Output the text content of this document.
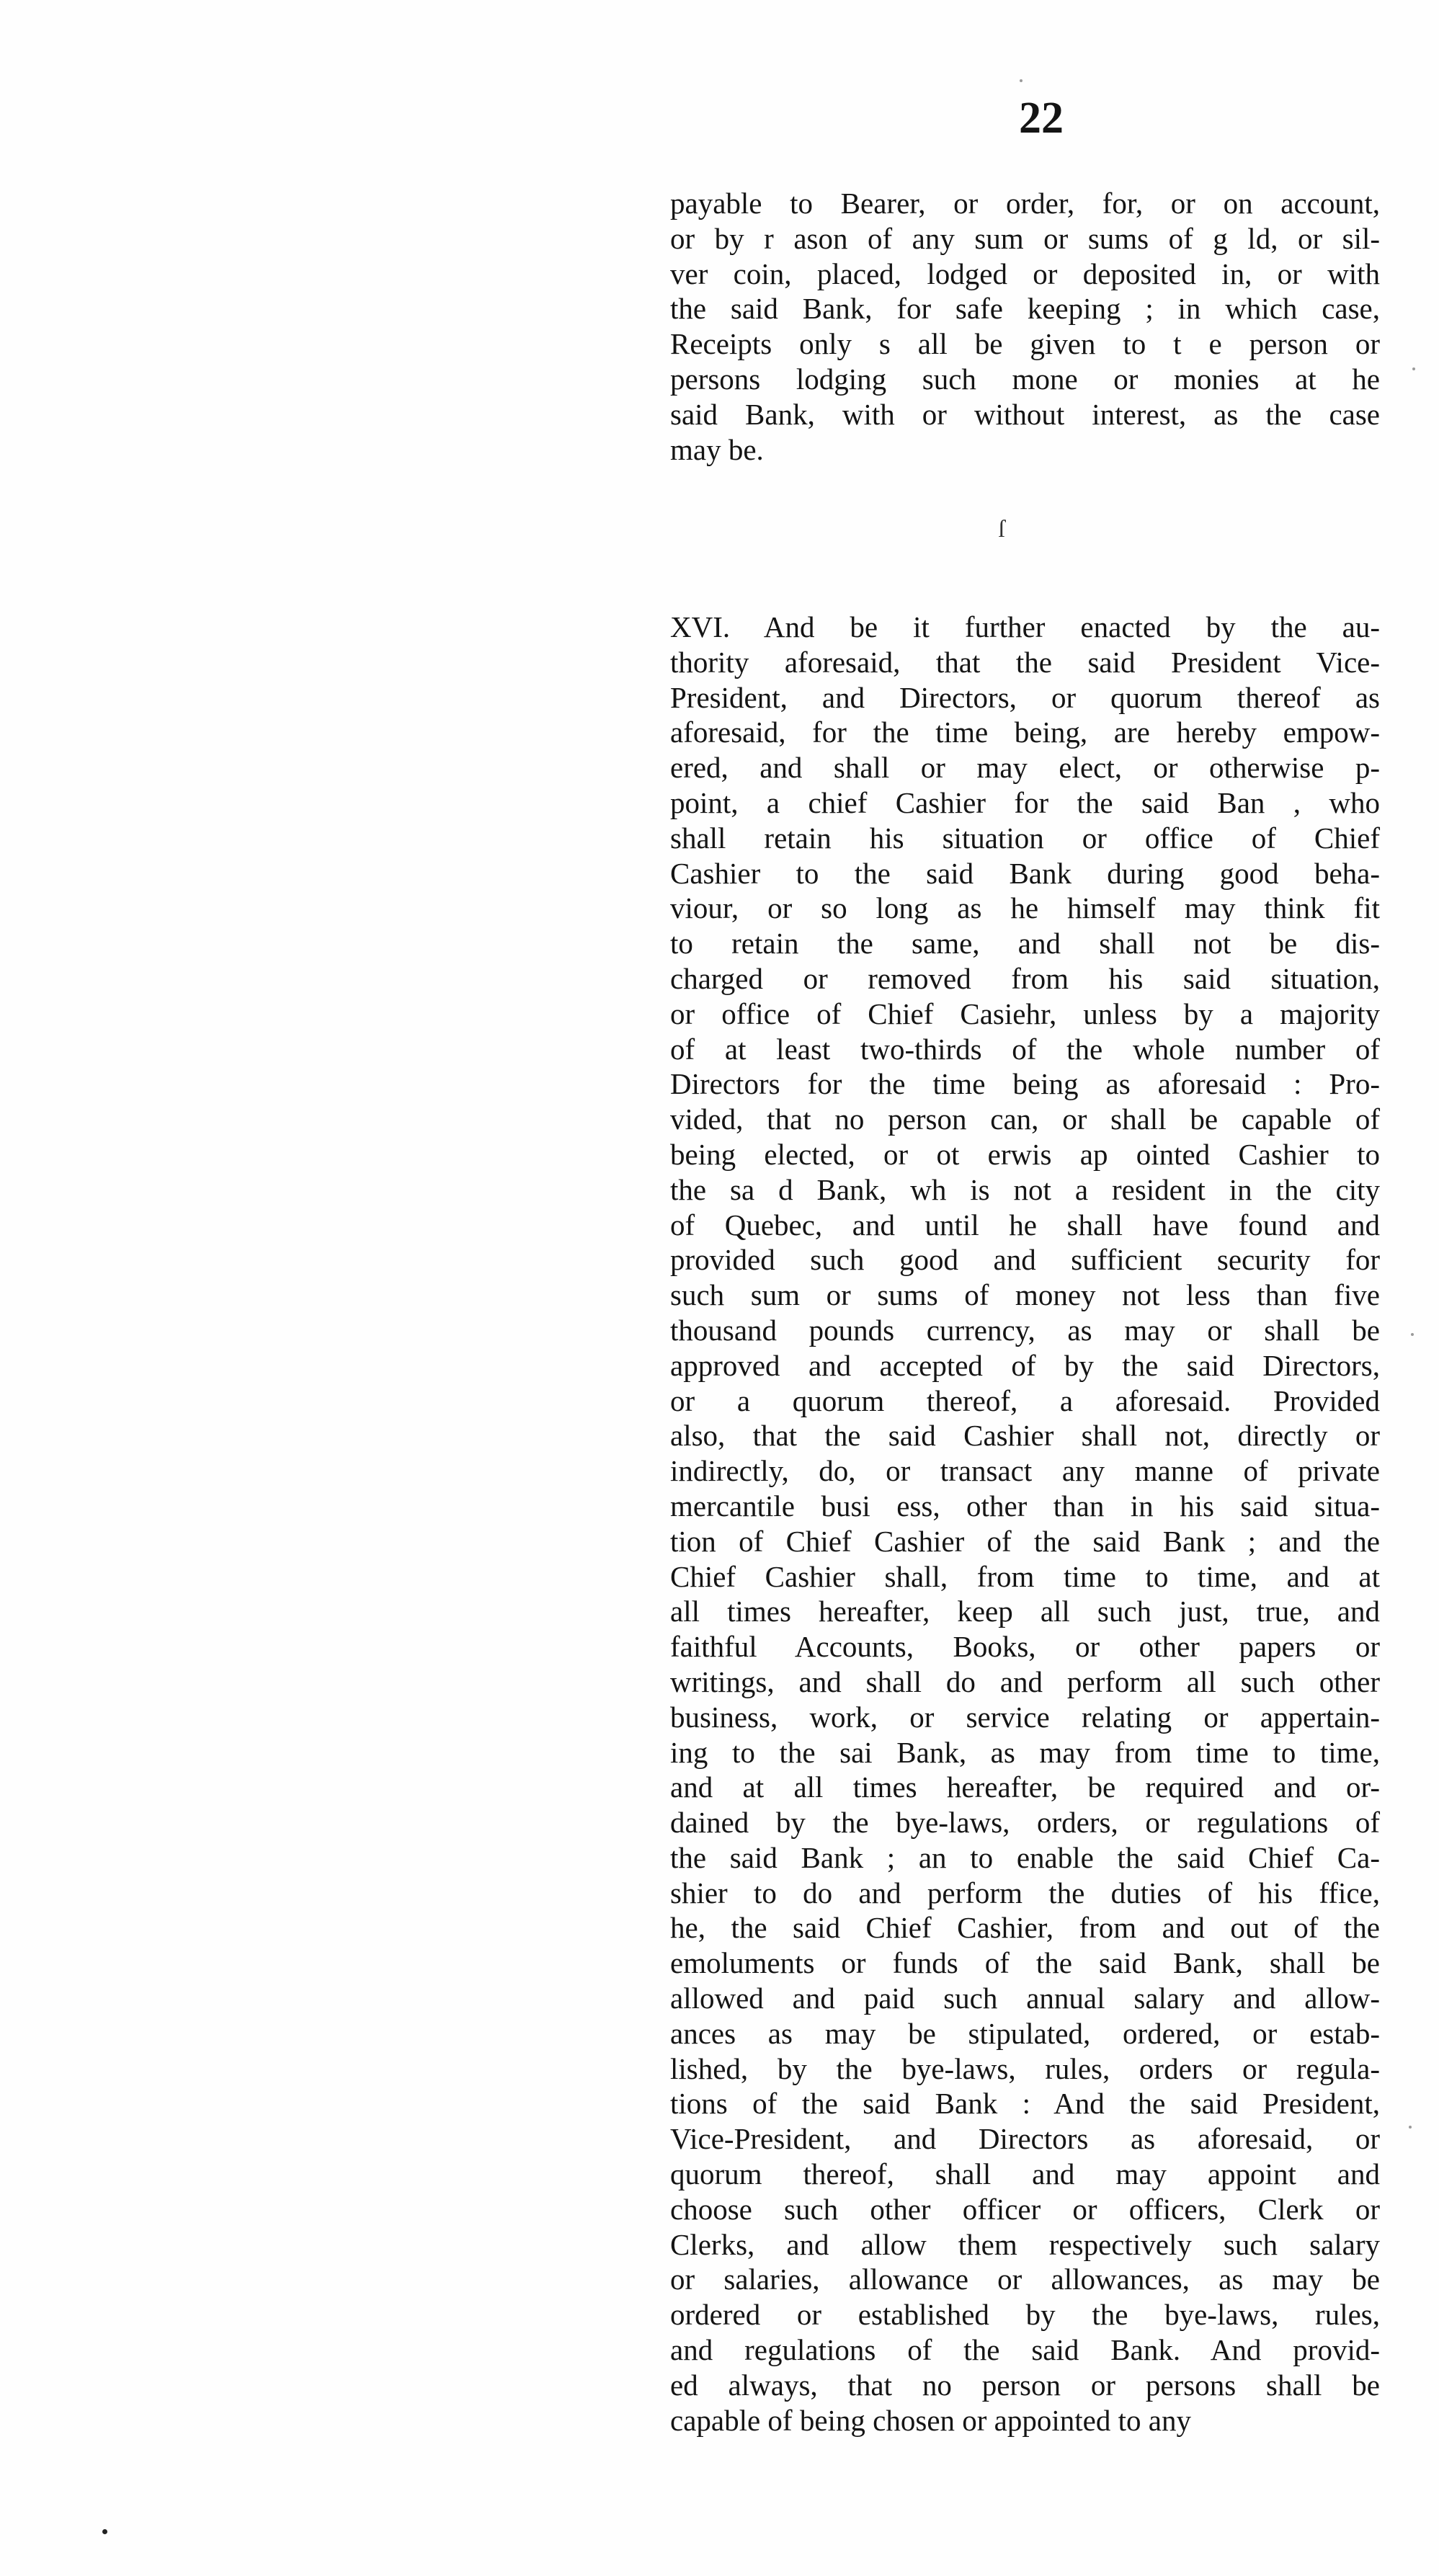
22
payable to Bearer, or order, for, or on account,
or by r ason of any sum or sums of g ld, or sil-
ver coin, placed, lodged or deposited in, or with
the said Bank, for safe keeping ; in which case,
Receipts only s all be given to t e person or
persons lodging such mone or monies at he
said Bank, with or without interest, as the case
may be.
ſ
XVI. And be it further enacted by the au-
thority aforesaid, that the said President Vice-
President, and Directors, or quorum thereof as
aforesaid, for the time being, are hereby empow-
ered, and shall or may elect, or otherwise p-
point, a chief Cashier for the said Ban , who
shall retain his situation or office of Chief
Cashier to the said Bank during good beha-
viour, or so long as he himself may think fit
to retain the same, and shall not be dis-
charged or removed from his said situation,
or office of Chief Casiehr, unless by a majority
of at least two-thirds of the whole number of
Directors for the time being as aforesaid : Pro-
vided, that no person can, or shall be capable of
being elected, or ot erwis ap ointed Cashier to
the sa d Bank, wh is not a resident in the city
of Quebec, and until he shall have found and
provided such good and sufficient security for
such sum or sums of money not less than five
thousand pounds currency, as may or shall be
approved and accepted of by the said Directors,
or a quorum thereof, a aforesaid. Provided
also, that the said Cashier shall not, directly or
indirectly, do, or transact any manne of private
mercantile busi ess, other than in his said situa-
tion of Chief Cashier of the said Bank ; and the
Chief Cashier shall, from time to time, and at
all times hereafter, keep all such just, true, and
faithful Accounts, Books, or other papers or
writings, and shall do and perform all such other
business, work, or service relating or appertain-
ing to the sai Bank, as may from time to time,
and at all times hereafter, be required and or-
dained by the bye-laws, orders, or regulations of
the said Bank ; an to enable the said Chief Ca-
shier to do and perform the duties of his ffice,
he, the said Chief Cashier, from and out of the
emoluments or funds of the said Bank, shall be
allowed and paid such annual salary and allow-
ances as may be stipulated, ordered, or estab-
lished, by the bye-laws, rules, orders or regula-
tions of the said Bank : And the said President,
Vice-President, and Directors as aforesaid, or
quorum thereof, shall and may appoint and
choose such other officer or officers, Clerk or
Clerks, and allow them respectively such salary
or salaries, allowance or allowances, as may be
ordered or established by the bye-laws, rules,
and regulations of the said Bank. And provid-
ed always, that no person or persons shall be
capable of being chosen or appointed to any
